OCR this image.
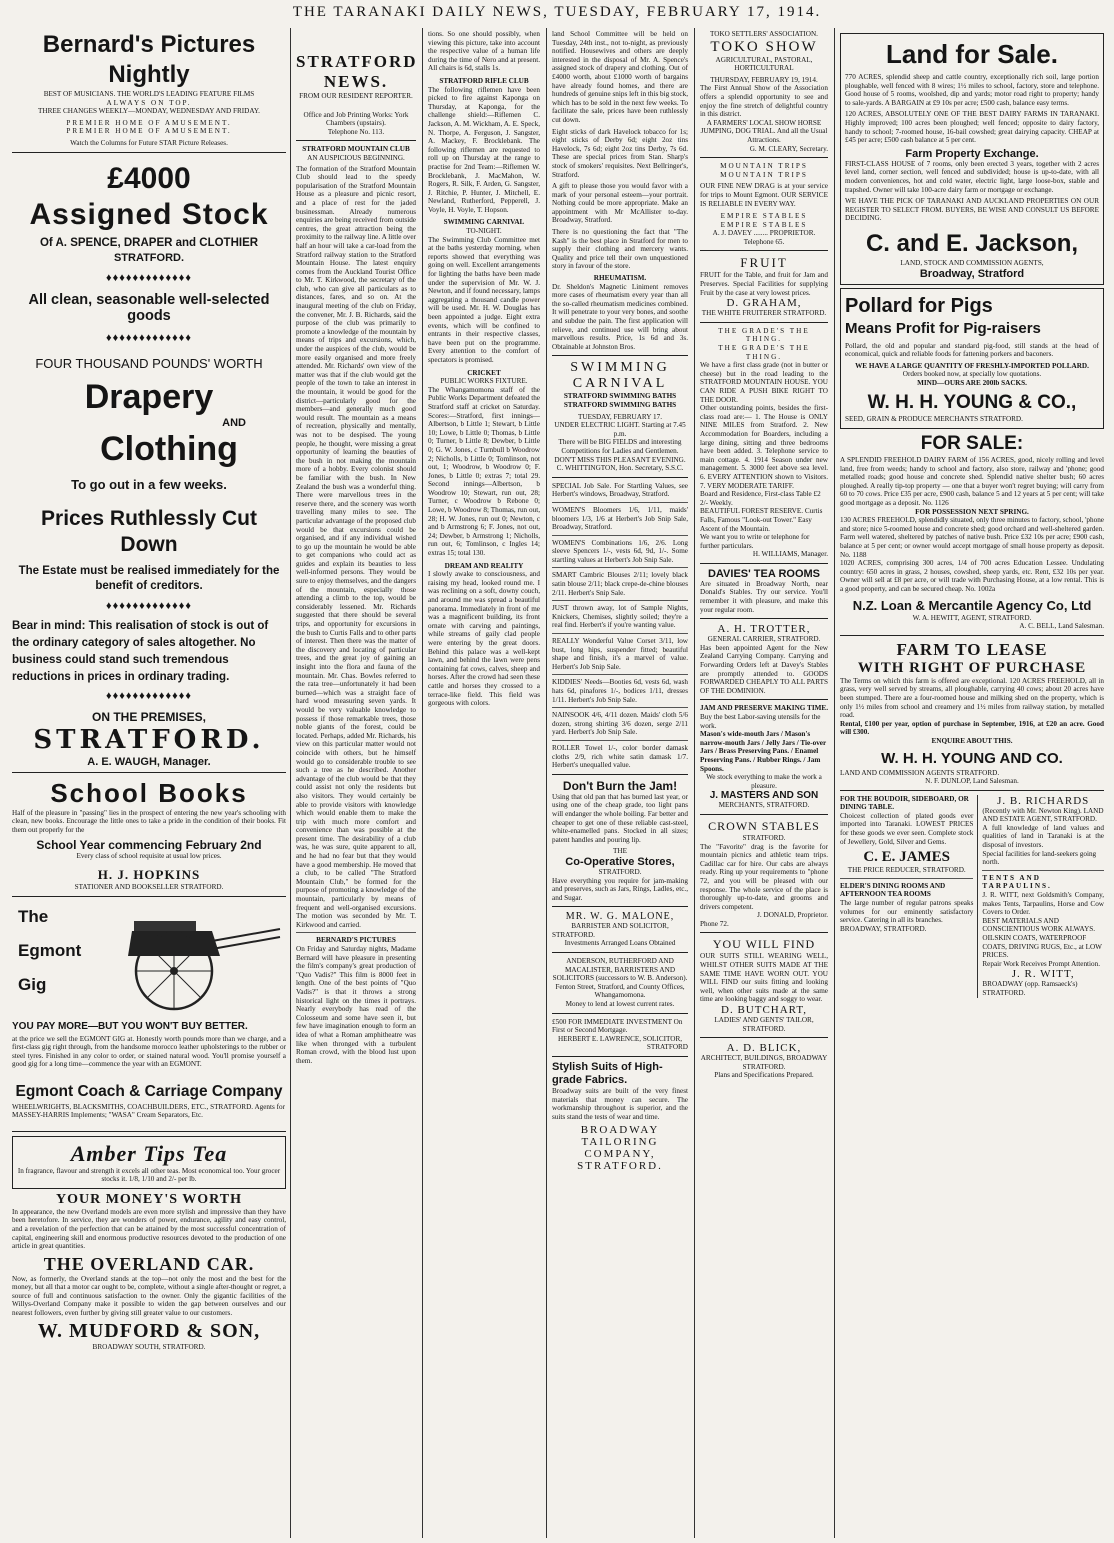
THE TARANAKI DAILY NEWS, TUESDAY, FEBRUARY 17, 1914.
Bernard's Pictures Nightly
BEST OF MUSICIANS. THE WORLD'S LEADING FEATURE FILMS
ALWAYS ON TOP.
THREE CHANGES WEEKLY—MONDAY, WEDNESDAY AND FRIDAY.
PREMIER HOME OF AMUSEMENT.
PREMIER HOME OF AMUSEMENT.
Watch the Columns for Future STAR Picture Releases.
£4000
Assigned Stock
Of A. SPENCE, DRAPER and CLOTHIER
STRATFORD.
♦♦♦♦♦♦♦♦♦♦♦♦♦
All clean, seasonable well-selected goods
♦♦♦♦♦♦♦♦♦♦♦♦♦
FOUR THOUSAND POUNDS' WORTH
Drapery
AND
Clothing
To go out in a few weeks.
Prices Ruthlessly Cut Down
The Estate must be realised immediately for the benefit of creditors.
♦♦♦♦♦♦♦♦♦♦♦♦♦
Bear in mind: This realisation of stock is out of the ordinary category of sales altogether. No business could stand such tremendous reductions in prices in ordinary trading.
♦♦♦♦♦♦♦♦♦♦♦♦♦
ON THE PREMISES,
STRATFORD.
A. E. WAUGH, Manager.
School Books
Half of the pleasure in "passing" lies in the prospect of entering the new year's schooling with clean, new books. Encourage the little ones to take a pride in the condition of their books. Fit them out properly for the
School Year commencing February 2nd
Every class of school requisite at usual low prices.
H. J. HOPKINS
STATIONER AND BOOKSELLER STRATFORD.
The
Egmont
Gig
YOU PAY MORE—BUT YOU WON'T BUY BETTER.
at the price we sell the EGMONT GIG at. Honestly worth pounds more than we charge, and a first-class gig right through, from the handsome morocco leather upholsterings to the rubber or steel tyres. Finished in any color to order, or stained natural wood. You'll promise yourself a good gig for a long time—commence the year with an EGMONT.
Egmont Coach & Carriage Company
WHEELWRIGHTS, BLACKSMITHS, COACHBUILDERS, ETC., STRATFORD. Agents for MASSEY-HARRIS Implements; "WASA" Cream Separators, Etc.
Amber Tips Tea
In fragrance, flavour and strength it excels all other teas. Most economical too. Your grocer stocks it. 1/8, 1/10 and 2/- per lb.
YOUR MONEY'S WORTH
In appearance, the new Overland models are even more stylish and impressive than they have been heretofore. In service, they are wonders of power, endurance, agility and easy control, and a revelation of the perfection that can be attained by the most successful concentration of capital, engineering skill and enormous productive resources devoted to the production of one article in great quantities.
THE OVERLAND CAR.
Now, as formerly, the Overland stands at the top—not only the most and the best for the money, but all that a motor car ought to be, complete, without a single after-thought or regret, a source of full and continuous satisfaction to the owner. Only the gigantic facilities of the Willys-Overland Company make it possible to widen the gap between ourselves and our nearest followers, even further by giving still greater value to our customers.
W. MUDFORD & SON,
BROADWAY SOUTH, STRATFORD.
STRATFORD NEWS.
FROM OUR RESIDENT REPORTER.
Office and Job Printing Works: York Chambers (upstairs).
Telephone No. 113.
STRATFORD MOUNTAIN CLUB
AN AUSPICIOUS BEGINNING.
The formation of the Stratford Mountain Club should lead to the speedy popularisation of the Stratford Mountain House as a pleasure and picnic resort, and a place of rest for the jaded businessman. Already numerous enquiries are being received from outside centres, the great attraction being the proximity to the railway line. A little over half an hour will take a car-load from the Stratford railway station to the Stratford Mountain House. The latest enquiry comes from the Auckland Tourist Office to Mr. T. Kirkwood, the secretary of the club, who can give all particulars as to distances, fares, and so on. At the inaugural meeting of the club on Friday, the convener, Mr. J. B. Richards, said the purpose of the club was primarily to promote a knowledge of the mountain by means of trips and excursions, which, under the auspices of the club, would be more easily organised and more freely attended. Mr. Richards' own view of the matter was that if the club would get the people of the town to take an interest in the mountain, it would be good for the district—particularly good for the members—and generally much good would result. The mountain as a means of recreation, physically and mentally, was not to be despised. The young people, he thought, were missing a great opportunity of learning the beauties of the bush in not making the mountain more of a hobby. Every colonist should be familiar with the bush. In New Zealand the bush was a wonderful thing. There were marvellous trees in the reserve there, and the scenery was worth travelling many miles to see. The particular advantage of the proposed club would be that excursions could be organised, and if any individual wished to go up the mountain he would be able to get companions who could act as guides and explain its beauties to less well-informed persons. They would be sure to enjoy themselves, and the dangers of the mountain, especially those attending a climb to the top, would be considerably lessened. Mr. Richards suggested that there should be several trips, and opportunity for excursions in the bush to Curtis Falls and to other parts of interest. Then there was the matter of the discovery and locating of particular trees, and the great joy of gaining an insight into the flora and fauna of the mountain. Mr. Chas. Bowles referred to the rata tree—unfortunately it had been burned—which was a straight face of hard wood measuring seven yards. It would be very valuable knowledge to possess if those remarkable trees, those noble giants of the forest, could be located. Perhaps, added Mr. Richards, his view on this particular matter would not coincide with others, but he himself would go to considerable trouble to see such a tree as he described. Another advantage of the club would be that they could assist not only the residents but also visitors. They would certainly be able to provide visitors with knowledge which would enable them to make the trip with much more comfort and convenience than was possible at the present time. The desirability of a club was, he was sure, quite apparent to all, and he had no fear but that they would have a good membership. He moved that a club, to be called "The Stratford Mountain Club," be formed for the purpose of promoting a knowledge of the mountain, particularly by means of frequent and well-organised excursions. The motion was seconded by Mr. T. Kirkwood and carried.
BERNARD'S PICTURES
On Friday and Saturday nights, Madame Bernard will have pleasure in presenting the film's company's great production of "Quo Vadis?" This film is 8000 feet in length. One of the best points of "Quo Vadis?" is that it throws a strong historical light on the times it portrays. Nearly everybody has read of the Colosseum and some have seen it, but few have imagination enough to form an idea of what a Roman amphitheatre was like when thronged with a turbulent Roman crowd, with the blood lust upon them.
tions. So one should possibly, when viewing this picture, take into account the respective value of a human life during the time of Nero and at present. All chairs is 6d, stalls 1s.
STRATFORD RIFLE CLUB
The following riflemen have been picked to fire against Kaponga on Thursday, at Kaponga, for the challenge shield:—Riflemen C. Jackson, A. M. Wickham, A. E. Speck, N. Thorpe, A. Ferguson, J. Sangster, A. Mackey, F. Brocklebank. The following riflemen are requested to roll up on Thursday at the range to practise for 2nd Team:—Riflemen W. Brocklebank, J. MacMahon, W. Rogers, R. Silk, F. Arden, G. Sangster, J. Ritchie, P. Hunter, J. Mitchell, E. Newland, Rutherford, Pepperell, J. Voyle, H. Voyle, T. Hopson.
SWIMMING CARNIVAL
TO-NIGHT.
The Swimming Club Committee met at the baths yesterday morning, when reports showed that everything was going on well. Excellent arrangements for lighting the baths have been made under the supervision of Mr. W. J. Newton, and if found necessary, lamps aggregating a thousand candle power will be used. Mr. H. W. Douglas has been appointed a judge. Eight extra events, which will be confined to entrants in their respective classes, have been put on the programme. Every attention to the comfort of spectators is promised.
CRICKET
PUBLIC WORKS FIXTURE.
The Whangamomona staff of the Public Works Department defeated the Stratford staff at cricket on Saturday. Scores:—Stratford, first innings—Albertson, b Little 1; Stewart, b Little 10; Lowe, b Little 0; Thomas, b Little 0; Turner, b Little 8; Dewber, b Little 0; G. W. Jones, c Turnbull b Woodrow 2; Nicholls, b Little 0; Tomlinson, not out, 1; Woodrow, b Woodrow 0; F. Jones, b Little 0; extras 7; total 29. Second innings—Albertson, b Woodrow 10; Stewart, run out, 28; Turner, c Woodrow b Rebone 0; Lowe, b Woodrow 8; Thomas, run out, 28; H. W. Jones, run out 0; Newton, c and b Armstrong 6; F. Jones, not out, 24; Dewber, b Armstrong 1; Nicholls, run out, 6; Tomlinson, c Ingles 14; extras 15; total 130.
DREAM AND REALITY
I slowly awake to consciousness, and raising my head, looked round me. I was reclining on a soft, downy couch, and around me was spread a beautiful panorama. Immediately in front of me was a magnificent building, its front ornate with carving and paintings, while streams of gaily clad people were entering by the great doors. Behind this palace was a well-kept lawn, and behind the lawn were pens containing fat cows, calves, sheep and horses. After the crowd had seen these cattle and horses they crossed to a terrace-like field. This field was gorgeous with colors.
land School Committee will be held on Tuesday, 24th inst., not to-night, as previously notified. Housewives and others are deeply interested in the disposal of Mr. A. Spence's assigned stock of drapery and clothing. Out of £4000 worth, about £1000 worth of bargains have already found homes, and there are hundreds of genuine snips left in this big stock, which has to be sold in the next few weeks. To facilitate the sale, prices have been ruthlessly cut down.
Eight sticks of dark Havelock tobacco for 1s; eight sticks of Derby 6d; eight 2oz tins Havelock, 7s 6d; eight 2oz tins Derby, 7s 6d. These are special prices from Stan. Sharp's stock of smokers' requisites. Next Bellringer's, Stratford.
A gift to please those you would favor with a mark of your personal esteem—your portrait. Nothing could be more appropriate. Make an appointment with Mr McAllister to-day. Broadway, Stratford.
There is no questioning the fact that "The Kash" is the best place in Stratford for men to supply their clothing and mercery wants. Quality and price tell their own unquestioned story in favour of the store.
RHEUMATISM.
Dr. Sheldon's Magnetic Liniment removes more cases of rheumatism every year than all the so-called rheumatism medicines combined. It will penetrate to your very bones, and soothe and subdue the pain. The first application will relieve, and continued use will bring about marvellous results. Price, 1s 6d and 3s. Obtainable at Johnston Bros.
SWIMMING CARNIVAL
STRATFORD SWIMMING BATHS
STRATFORD SWIMMING BATHS
TUESDAY, FEBRUARY 17.
UNDER ELECTRIC LIGHT. Starting at 7.45 p.m.
There will be BIG FIELDS and interesting Competitions for Ladies and Gentlemen.
DON'T MISS THIS PLEASANT EVENING.
C. WHITTINGTON, Hon. Secretary, S.S.C.
SPECIAL Job Sale. For Startling Values, see Herbert's windows, Broadway, Stratford.
WOMEN'S Bloomers 1/6, 1/11, maids' bloomers 1/3, 1/6 at Herbert's Job Snip Sale, Broadway, Stratford.
WOMEN'S Combinations 1/6, 2/6. Long sleeve Spencers 1/-, vests 6d, 9d, 1/-. Some startling values at Herbert's Job Snip Sale.
SMART Cambric Blouses 2/11; lovely black satin blouse 2/11; black crepe-de-chine blouses 2/11. Herbert's Snip Sale.
JUST thrown away, lot of Sample Nights, Knickers, Chemises, slightly soiled; they're a real find. Herbert's if you're wanting value.
REALLY Wonderful Value Corset 3/11, low bust, long hips, suspender fitted; beautiful shape and finish, it's a marvel of value. Herbert's Job Snip Sale.
KIDDIES' Needs—Booties 6d, vests 6d, wash hats 6d, pinafores 1/-, bodices 1/11, dresses 1/11. Herbert's Job Snip Sale.
NAINSOOK 4/6, 4/11 dozen. Maids' cloth 5/6 dozen, strong shirting 3/6 dozen, serge 2/11 yard. Herbert's Job Snip Sale.
ROLLER Towel 1/-, color border damask cloths 2/9, rich white satin damask 1/7. Herbert's unequalled value.
Don't Burn the Jam!
Using that old pan that has burned last year, or using one of the cheap grade, too light pans will endanger the whole boiling. Far better and cheaper to get one of these reliable cast-steel, white-enamelled pans. Stocked in all sizes; patent handles and pouring lip.
THE
Co-Operative Stores,
STRATFORD.
Have everything you require for jam-making and preserves, such as Jars, Rings, Ladles, etc., and Sugar.
MR. W. G. MALONE,
BARRISTER AND SOLICITOR,
STRATFORD.
Investments Arranged Loans Obtained
ANDERSON, RUTHERFORD AND MACALISTER, BARRISTERS AND SOLICITORS (successors to W. B. Anderson).
Fenton Street, Stratford, and County Offices, Whangamomona.
Money to lend at lowest current rates.
£500 FOR IMMEDIATE INVESTMENT On First or Second Mortgage.
HERBERT E. LAWRENCE, SOLICITOR,
STRATFORD
Stylish Suits of High-grade Fabrics.
Broadway suits are built of the very finest materials that money can secure. The workmanship throughout is superior, and the suits stand the tests of wear and time.
BROADWAY TAILORING COMPANY, STRATFORD.
TOKO SETTLERS' ASSOCIATION.
TOKO SHOW
AGRICULTURAL, PASTORAL, HORTICULTURAL
THURSDAY, FEBRUARY 19, 1914.
The First Annual Show of the Association offers a splendid opportunity to see and enjoy the fine stretch of delightful country in this district.
A FARMERS' LOCAL SHOW HORSE JUMPING, DOG TRIAL. And all the Usual Attractions.
G. M. CLEARY, Secretary.
MOUNTAIN TRIPS
MOUNTAIN TRIPS
OUR FINE NEW DRAG is at your service for trips to Mount Egmont. OUR SERVICE IS RELIABLE IN EVERY WAY.
EMPIRE STABLES
EMPIRE STABLES
A. J. DAVEY ........ PROPRIETOR.
Telephone 65.
FRUIT
FRUIT for the Table, and fruit for Jam and Preserves. Special Facilities for supplying Fruit by the case at very lowest prices.
D. GRAHAM,
THE WHITE FRUITERER STRATFORD.
THE GRADE'S THE THING.
THE GRADE'S THE THING.
We have a first class grade (not in butter or cheese) but in the road leading to the STRATFORD MOUNTAIN HOUSE. YOU CAN RIDE A PUSH BIKE RIGHT TO THE DOOR.
Other outstanding points, besides the first-class road are:— 1. The House is ONLY NINE MILES from Stratford. 2. New Accommodation for Boarders, including a large dining, sitting and three bedrooms have been added. 3. Telephone service to main cottage. 4. 1914 Season under new management. 5. 3000 feet above sea level. 6. EVERY ATTENTION shown to Visitors. 7. VERY MODERATE TARIFF.
Board and Residence, First-class Table £2 2/- Weekly.
BEAUTIFUL FOREST RESERVE. Curtis Falls, Famous "Look-out Tower." Easy Ascent of the Mountain.
We want you to write or telephone for further particulars.
H. WILLIAMS, Manager.
DAVIES' TEA ROOMS
Are situated in Broadway North, near Donald's Stables. Try our service. You'll remember it with pleasure, and make this your regular room.
A. H. TROTTER,
GENERAL CARRIER, STRATFORD.
Has been appointed Agent for the New Zealand Carrying Company. Carrying and Forwarding Orders left at Davey's Stables are promptly attended to. GOODS FORWARDED CHEAPLY TO ALL PARTS OF THE DOMINION.
JAM AND PRESERVE MAKING TIME.
Buy the best Labor-saving utensils for the work.
Mason's wide-mouth Jars / Mason's narrow-mouth Jars / Jelly Jars / Tie-over Jars / Brass Preserving Pans. / Enamel Preserving Pans. / Rubber Rings. / Jam Spoons.
We stock everything to make the work a pleasure.
J. MASTERS AND SON
MERCHANTS, STRATFORD.
CROWN STABLES
STRATFORD.
The "Favorite" drag is the favorite for mountain picnics and athletic team trips. Cadillac car for hire. Our cabs are always ready. Ring up your requirements to "phone 72, and you will be pleased with our response. The whole service of the place is thoroughly up-to-date, and grooms and drivers competent.
J. DONALD, Proprietor.
Phone 72.
YOU WILL FIND
OUR SUITS STILL WEARING WELL, WHILST OTHER SUITS MADE AT THE SAME TIME HAVE WORN OUT. YOU WILL FIND our suits fitting and looking well, when other suits made at the same time are looking baggy and soggy to wear.
D. BUTCHART,
LADIES' AND GENTS' TAILOR, STRATFORD.
A. D. BLICK,
ARCHITECT, BUILDINGS, BROADWAY STRATFORD.
Plans and Specifications Prepared.
Land for Sale.
770 ACRES, splendid sheep and cattle country, exceptionally rich soil, large portion ploughable, well fenced with 8 wires; 1½ miles to school, factory, store and telephone. Good house of 5 rooms, woolshed, dip and yards; motor road right to property; handy to sale-yards. A BARGAIN at £9 10s per acre; £500 cash, balance easy terms.
120 ACRES, ABSOLUTELY ONE OF THE BEST DAIRY FARMS IN TARANAKI. Highly improved; 100 acres been ploughed; well fenced; opposite to dairy factory, handy to school; 7-roomed house, 16-bail cowshed; great dairying capacity. CHEAP at £45 per acre; £500 cash balance at 5 per cent.
Farm Property Exchange.
FIRST-CLASS HOUSE of 7 rooms, only been erected 3 years, together with 2 acres level land, corner section, well fenced and subdivided; house is up-to-date, with all modern conveniences, hot and cold water, electric light, large loose-box, stable and trapshed. Owner will take 100-acre dairy farm or mortgage or exchange.
WE HAVE THE PICK OF TARANAKI AND AUCKLAND PROPERTIES ON OUR REGISTER TO SELECT FROM. BUYERS, BE WISE AND CONSULT US BEFORE DECIDING.
C. and E. Jackson,
LAND, STOCK AND COMMISSION AGENTS,
Broadway, Stratford
Pollard for Pigs
Means Profit for Pig-raisers
Pollard, the old and popular and standard pig-food, still stands at the head of economical, quick and reliable foods for fattening porkers and baconers.
WE HAVE A LARGE QUANTITY OF FRESHLY-IMPORTED POLLARD.
Orders booked now, at specially low quotations.
MIND—OURS ARE 200lb SACKS.
W. H. H. YOUNG & CO.,
SEED, GRAIN & PRODUCE MERCHANTS STRATFORD.
FOR SALE:
A SPLENDID FREEHOLD DAIRY FARM of 156 ACRES, good, nicely rolling and level land, free from weeds; handy to school and factory, also store, railway and 'phone; good metalled roads; good house and concrete shed. Splendid native shelter bush; 60 acres ploughed. A really tip-top property — one that a buyer won't regret buying; will carry from 60 to 70 cows. Price £35 per acre, £900 cash, balance 5 and 12 years at 5 per cent; will take good mortgage as a deposit. No. 1126
FOR POSSESSION NEXT SPRING.
130 ACRES FREEHOLD, splendidly situated, only three minutes to factory, school, 'phone and store; nice 5-roomed house and concrete shed; good orchard and well-sheltered garden. Farm well watered, sheltered by patches of native bush. Price £32 10s per acre; £900 cash, balance at 5 per cent; or owner would accept mortgage of small house property as deposit. No. 1188
1020 ACRES, comprising 300 acres, 1/4 of 700 acres Education Lessee. Undulating country: 650 acres in grass, 2 houses, cowshed, sheep yards, etc. Rent, £32 10s per year. Owner will sell at £8 per acre, or will trade with Purchasing House, at a low rental. This is a good property, and can be secured cheap. No. 1002a
N.Z. Loan & Mercantile Agency Co, Ltd
W. A. HEWITT, AGENT, STRATFORD.
A. C. BELL, Land Salesman.
FARM TO LEASE
WITH RIGHT OF PURCHASE
The Terms on which this farm is offered are exceptional. 120 ACRES FREEHOLD, all in grass, very well served by streams, all ploughable, carrying 40 cows; about 20 acres have been stumped. There are a four-roomed house and milking shed on the property, which is only 1½ miles from school and creamery and 1½ miles from railway station, by metalled road.
Rental, £100 per year, option of purchase in September, 1916, at £20 an acre. Good will £300.
ENQUIRE ABOUT THIS.
W. H. H. YOUNG AND CO.
LAND AND COMMISSION AGENTS STRATFORD.
N. F. DUNLOP, Land Salesman.
FOR THE BOUDOIR, SIDEBOARD, OR DINING TABLE.
Choicest collection of plated goods ever imported into Taranaki. LOWEST PRICES for these goods we ever seen. Complete stock of Jewellery, Gold, Silver and Gems.
C. E. JAMES
THE PRICE REDUCER, STRATFORD.
ELDER'S DINING ROOMS AND AFTERNOON TEA ROOMS
The large number of regular patrons speaks volumes for our eminently satisfactory service. Catering in all its branches.
BROADWAY, STRATFORD.
J. B. RICHARDS
(Recently with Mr. Newton King). LAND AND ESTATE AGENT, STRATFORD.
A full knowledge of land values and qualities of land in Taranaki is at the disposal of investors.
Special facilities for land-seekers going north.
TENTS AND TARPAULINS.
J. R. WITT, next Goldsmith's Company, makes Tents, Tarpaulins, Horse and Cow Covers to Order.
BEST MATERIALS AND CONSCIENTIOUS WORK ALWAYS.
OILSKIN COATS, WATERPROOF COATS, DRIVING RUGS, Etc., at LOW PRICES.
Repair Work Receives Prompt Attention.
J. R. WITT,
BROADWAY (opp. Ramsaeck's) STRATFORD.
